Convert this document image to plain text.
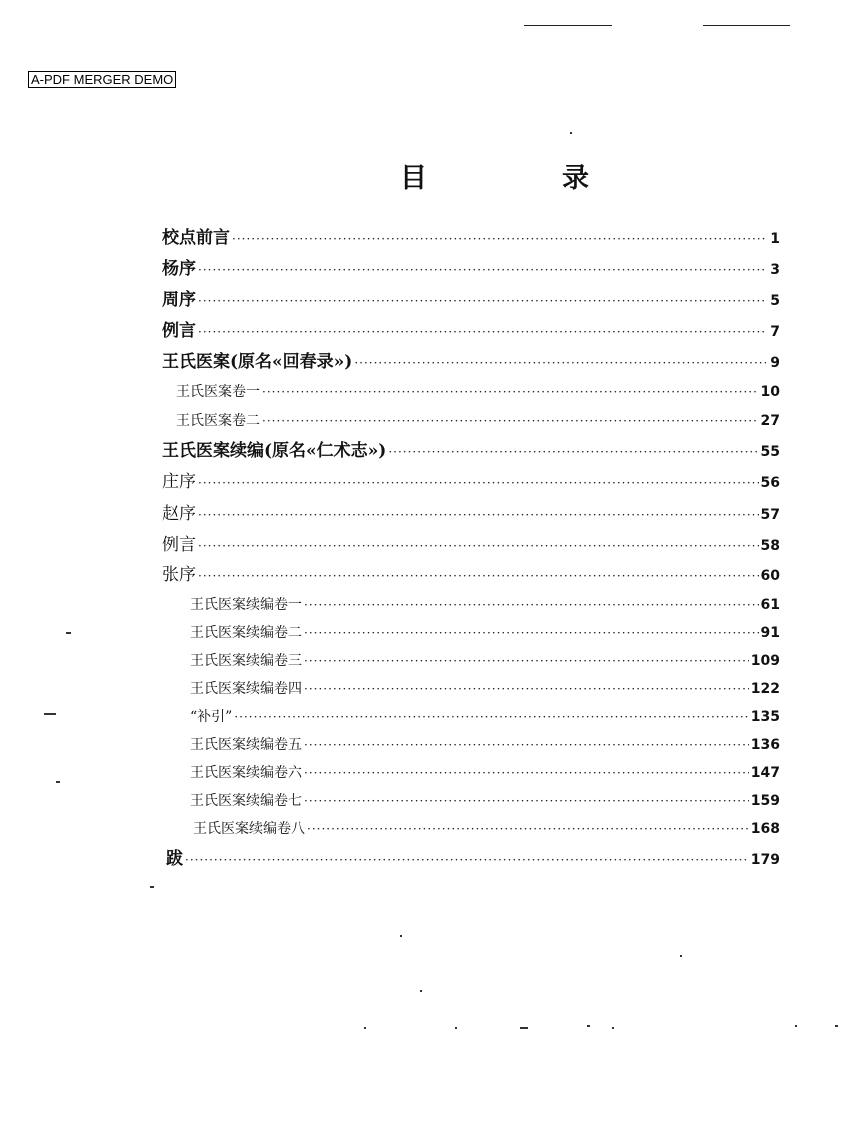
A-PDF MERGER DEMO
目　录
校点前言 ·····	1
杨序 ·····	3
周序 ·····	5
例言 ·····	7
王氏医案(原名«回春录») ·····	9
王氏医案卷一 ·····	10
王氏医案卷二 ·····	27
王氏医案续编(原名«仁术志») ·····	55
庄序 ·····	56
赵序 ·····	57
例言 ·····	58
张序 ·····	60
王氏医案续编卷一 ·····	61
王氏医案续编卷二 ·····	91
王氏医案续编卷三 ·····	109
王氏医案续编卷四 ·····	122
“补引” ·····	135
王氏医案续编卷五 ·····	136
王氏医案续编卷六 ·····	147
王氏医案续编卷七 ·····	159
王氏医案续编卷八 ·····	168
跋 ·····	179
